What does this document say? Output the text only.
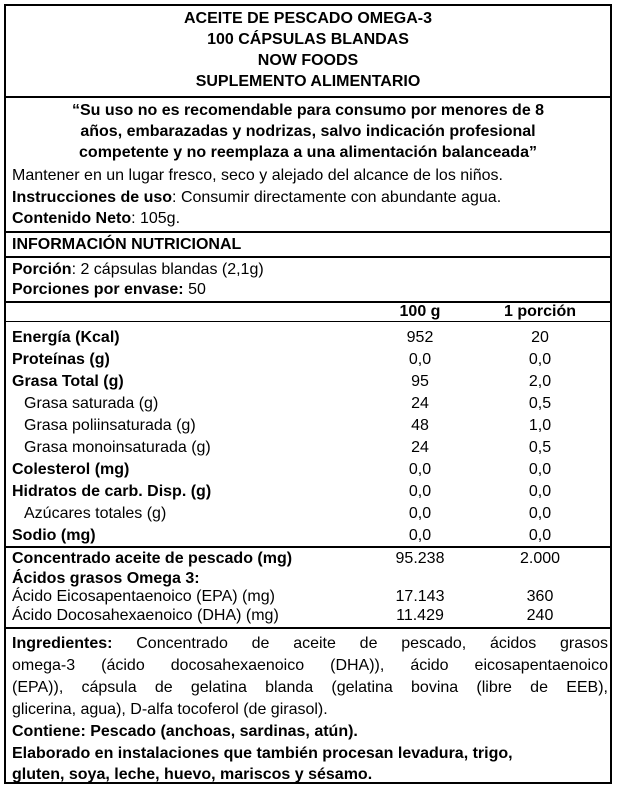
ACEITE DE PESCADO OMEGA-3
100 CÁPSULAS BLANDAS
NOW FOODS
SUPLEMENTO ALIMENTARIO
“Su uso no es recomendable para consumo por menores de 8
años, embarazadas y nodrizas, salvo indicación profesional
competente y no reemplaza a una alimentación balanceada”
Mantener en un lugar fresco, seco y alejado del alcance de los niños.
Instrucciones de uso: Consumir directamente con abundante agua.
Contenido Neto: 105g.
INFORMACIÓN NUTRICIONAL
Porción: 2 cápsulas blandas (2,1g)
Porciones por envase: 50
100 g	1 porción
Energía (Kcal)	952	20
Proteínas (g)	0,0	0,0
Grasa Total (g)	95	2,0
Grasa saturada (g)	24	0,5
Grasa poliinsaturada (g)	48	1,0
Grasa monoinsaturada (g)	24	0,5
Colesterol (mg)	0,0	0,0
Hidratos de carb. Disp. (g)	0,0	0,0
Azúcares totales (g)	0,0	0,0
Sodio (mg)	0,0	0,0
Concentrado aceite de pescado (mg)	95.238	2.000
Ácidos grasos Omega 3:
Ácido Eicosapentaenoico (EPA) (mg)	17.143	360
Ácido Docosahexaenoico (DHA) (mg)	11.429	240
Ingredientes: Concentrado de aceite de pescado, ácidos grasos
omega-3 (ácido docosahexaenoico (DHA)), ácido eicosapentaenoico
(EPA)), cápsula de gelatina blanda (gelatina bovina (libre de EEB),
glicerina, agua), D-alfa tocoferol (de girasol).
Contiene: Pescado (anchoas, sardinas, atún).
Elaborado en instalaciones que también procesan levadura, trigo,
gluten, soya, leche, huevo, mariscos y sésamo.
